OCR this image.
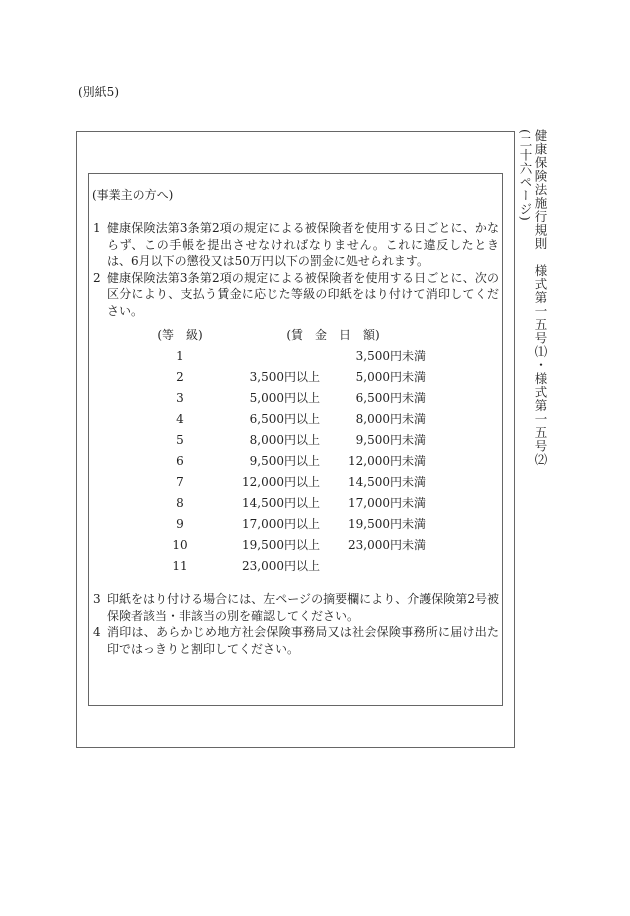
(別紙5)
健康保険法施行規則　様式第一五号⑴・様式第一五号⑵
(二十六ページ)
(事業主の方へ)
1 健康保険法第3条第2項の規定による被保険者を使用する日ごとに、かならず、この手帳を提出させなければなりません。これに違反したときは、6月以下の懲役又は50万円以下の罰金に処せられます。
2 健康保険法第3条第2項の規定による被保険者を使用する日ごとに、次の区分により、支払う賃金に応じた等級の印紙をはり付けて消印してください。
(等　級)	(賃　金　日　額)	
1		3,500円未満
2	3,500円以上	5,000円未満
3	5,000円以上	6,500円未満
4	6,500円以上	8,000円未満
5	8,000円以上	9,500円未満
6	9,500円以上	12,000円未満
7	12,000円以上	14,500円未満
8	14,500円以上	17,000円未満
9	17,000円以上	19,500円未満
10	19,500円以上	23,000円未満
11	23,000円以上	
3 印紙をはり付ける場合には、左ページの摘要欄により、介護保険第2号被保険者該当・非該当の別を確認してください。
4 消印は、あらかじめ地方社会保険事務局又は社会保険事務所に届け出た印ではっきりと割印してください。
